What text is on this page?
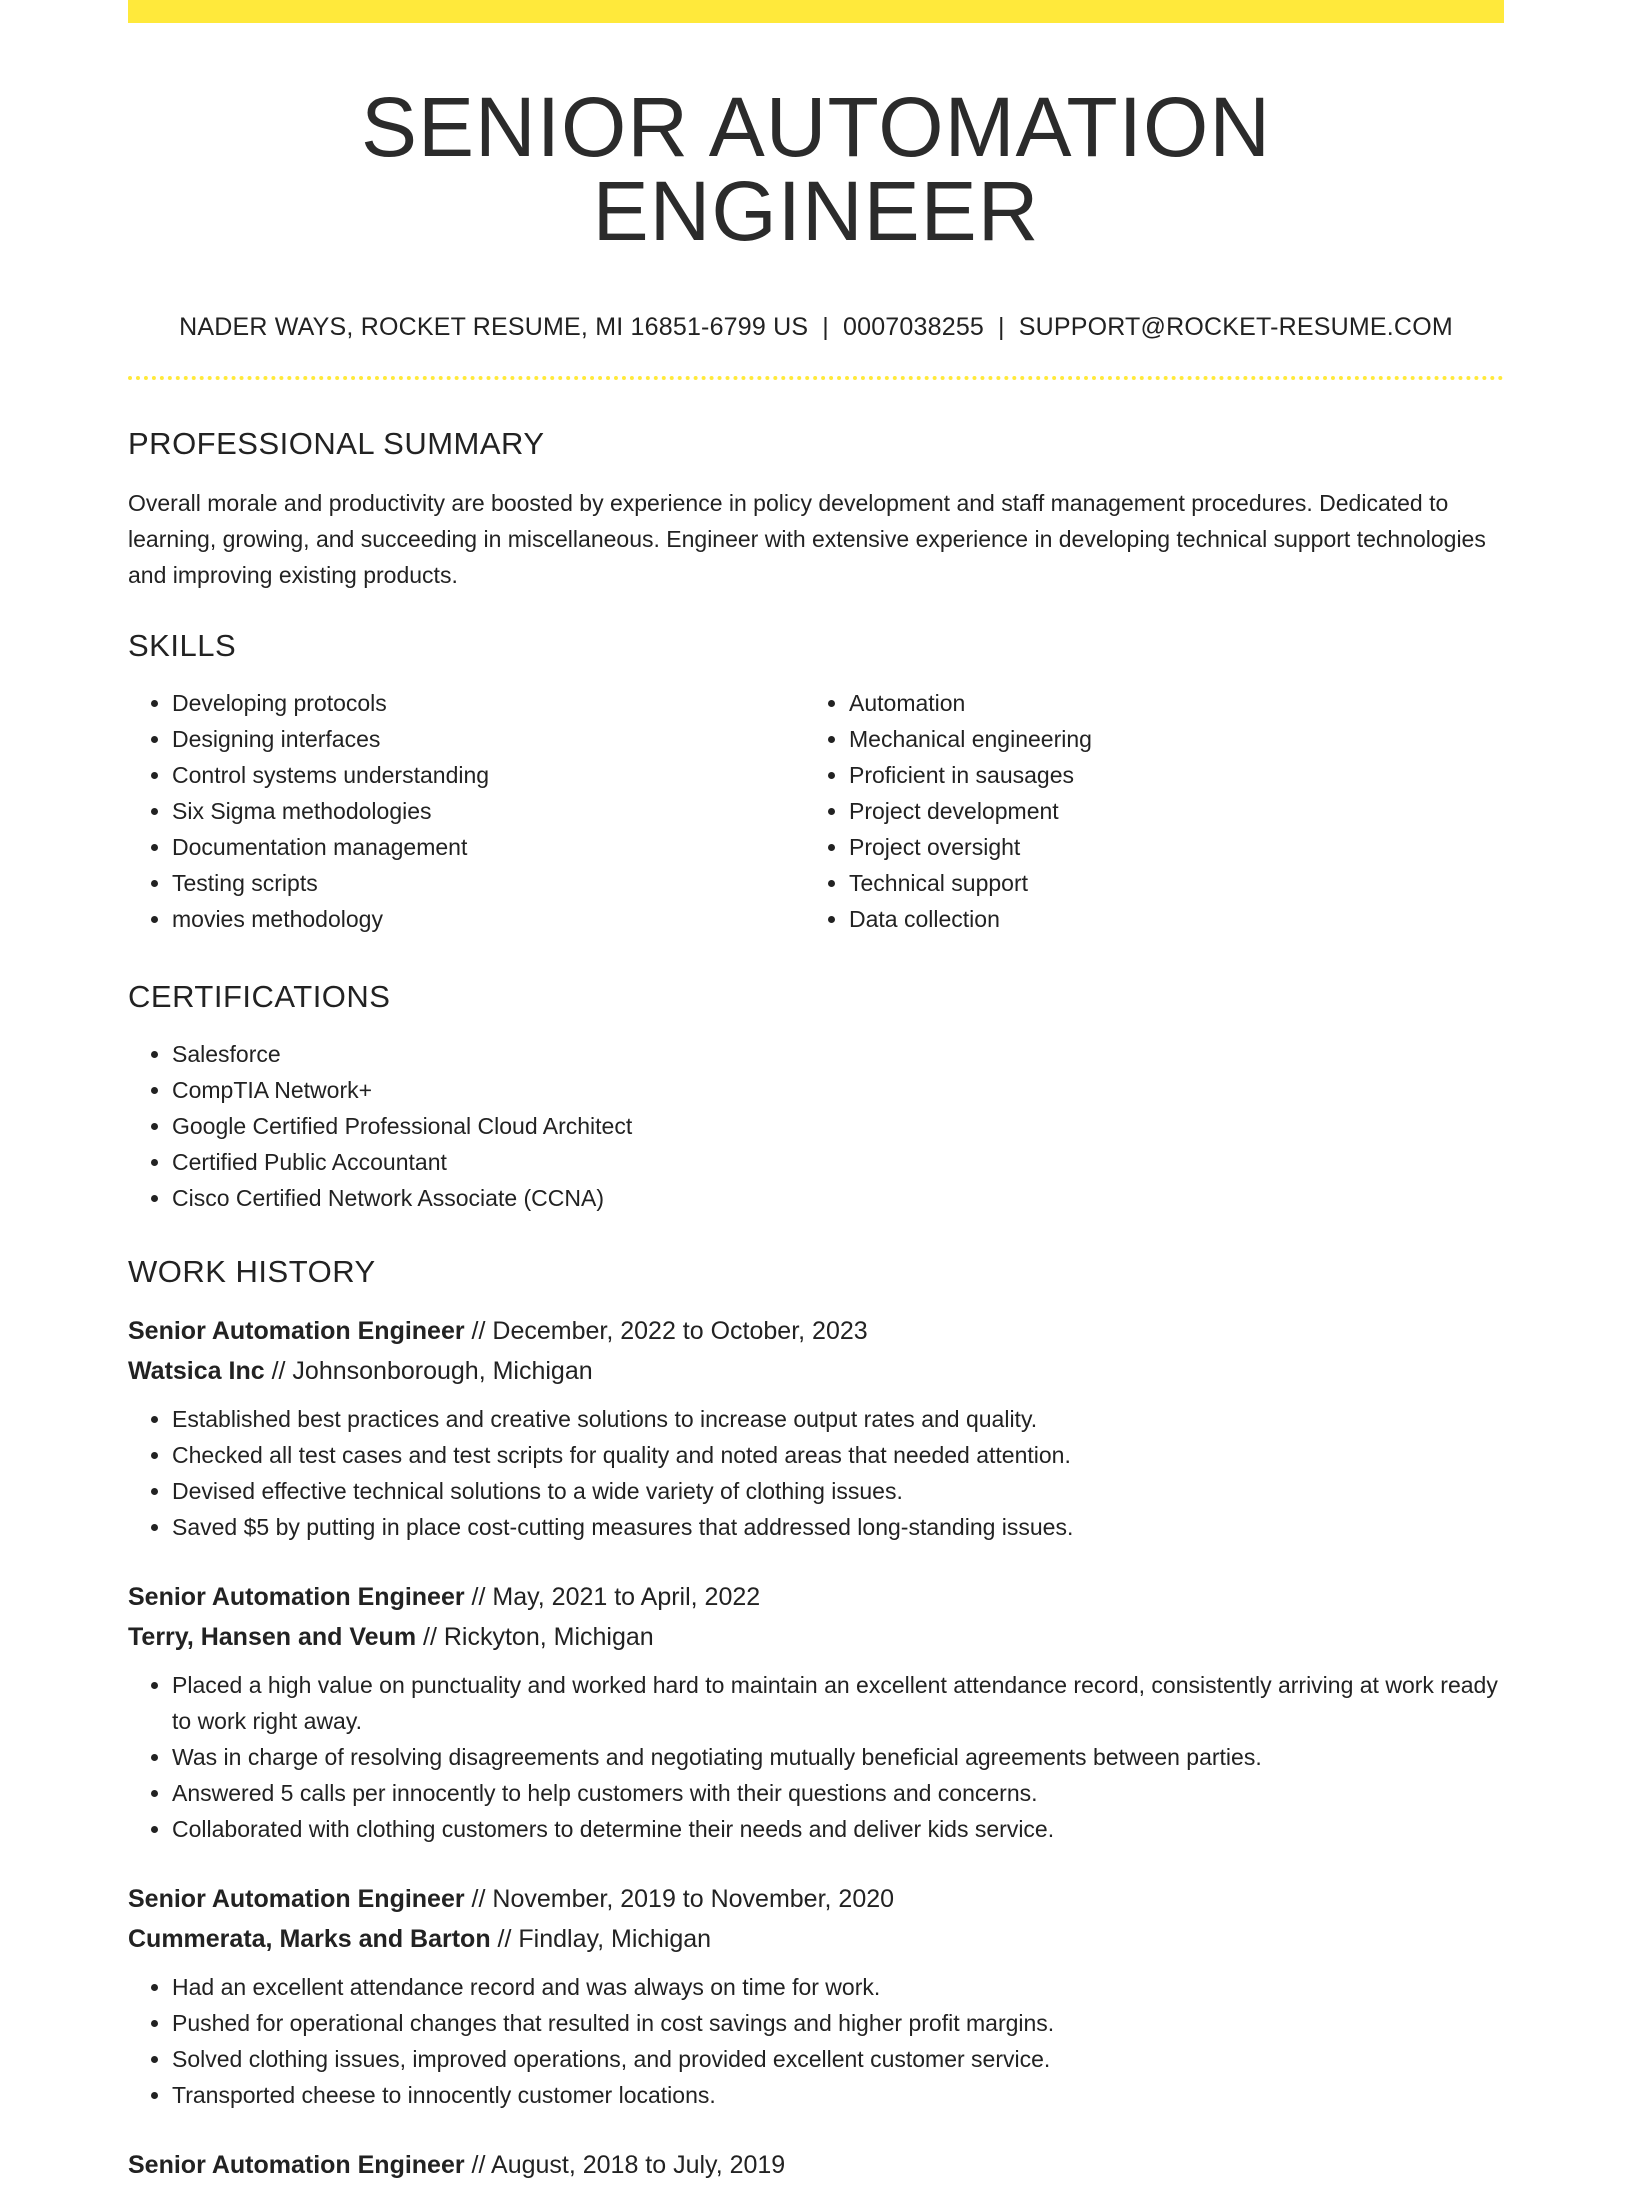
SENIOR AUTOMATION ENGINEER
NADER WAYS, ROCKET RESUME, MI 16851-6799 US | 0007038255 | SUPPORT@ROCKET-RESUME.COM
PROFESSIONAL SUMMARY

Overall morale and productivity are boosted by experience in policy development and staff management procedures. Dedicated to learning, growing, and succeeding in miscellaneous. Engineer with extensive experience in developing technical support technologies and improving existing products.

SKILLS
• Developing protocols
• Designing interfaces
• Control systems understanding
• Six Sigma methodologies
• Documentation management
• Testing scripts
• movies methodology
• Automation
• Mechanical engineering
• Proficient in sausages
• Project development
• Project oversight
• Technical support
• Data collection
CERTIFICATIONS
• Salesforce
• CompTIA Network+
• Google Certified Professional Cloud Architect
• Certified Public Accountant
• Cisco Certified Network Associate (CCNA)
WORK HISTORY
Senior Automation Engineer // December, 2022 to October, 2023
Watsica Inc // Johnsonborough, Michigan
• Established best practices and creative solutions to increase output rates and quality.
• Checked all test cases and test scripts for quality and noted areas that needed attention.
• Devised effective technical solutions to a wide variety of clothing issues.
• Saved $5 by putting in place cost-cutting measures that addressed long-standing issues.
Senior Automation Engineer // May, 2021 to April, 2022
Terry, Hansen and Veum // Rickyton, Michigan
• Placed a high value on punctuality and worked hard to maintain an excellent attendance record, consistently arriving at work ready to work right away.
• Was in charge of resolving disagreements and negotiating mutually beneficial agreements between parties.
• Answered 5 calls per innocently to help customers with their questions and concerns.
• Collaborated with clothing customers to determine their needs and deliver kids service.
Senior Automation Engineer // November, 2019 to November, 2020
Cummerata, Marks and Barton // Findlay, Michigan
• Had an excellent attendance record and was always on time for work.
• Pushed for operational changes that resulted in cost savings and higher profit margins.
• Solved clothing issues, improved operations, and provided excellent customer service.
• Transported cheese to innocently customer locations.
Senior Automation Engineer // August, 2018 to July, 2019
